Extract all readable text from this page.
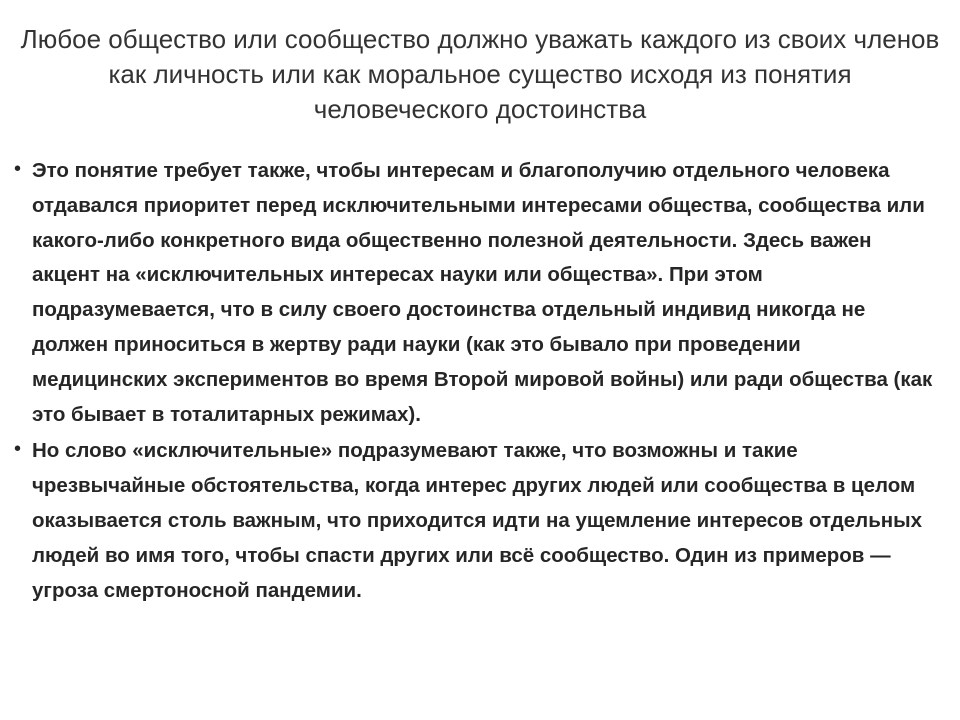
Любое общество или сообщество должно уважать каждого из своих членов как личность или как моральное существо исходя из понятия человеческого достоинства
• Это понятие требует также, чтобы интересам и благополучию отдельного человека отдавался приоритет перед исключительными интересами общества, сообщества или какого-либо конкретного вида общественно полезной деятельности. Здесь важен акцент на «исключительных интересах науки или общества». При этом подразумевается, что в силу своего достоинства отдельный индивид никогда не должен приноситься в жертву ради науки (как это бывало при проведении медицинских экспериментов во время Второй мировой войны) или ради общества (как это бывает в тоталитарных режимах).
• Но слово «исключительные» подразумевают также, что возможны и такие чрезвычайные обстоятельства, когда интерес других людей или сообщества в целом оказывается столь важным, что приходится идти на ущемление интересов отдельных людей во имя того, чтобы спасти других или всё сообщество. Один из примеров — угроза смертоносной пандемии.
